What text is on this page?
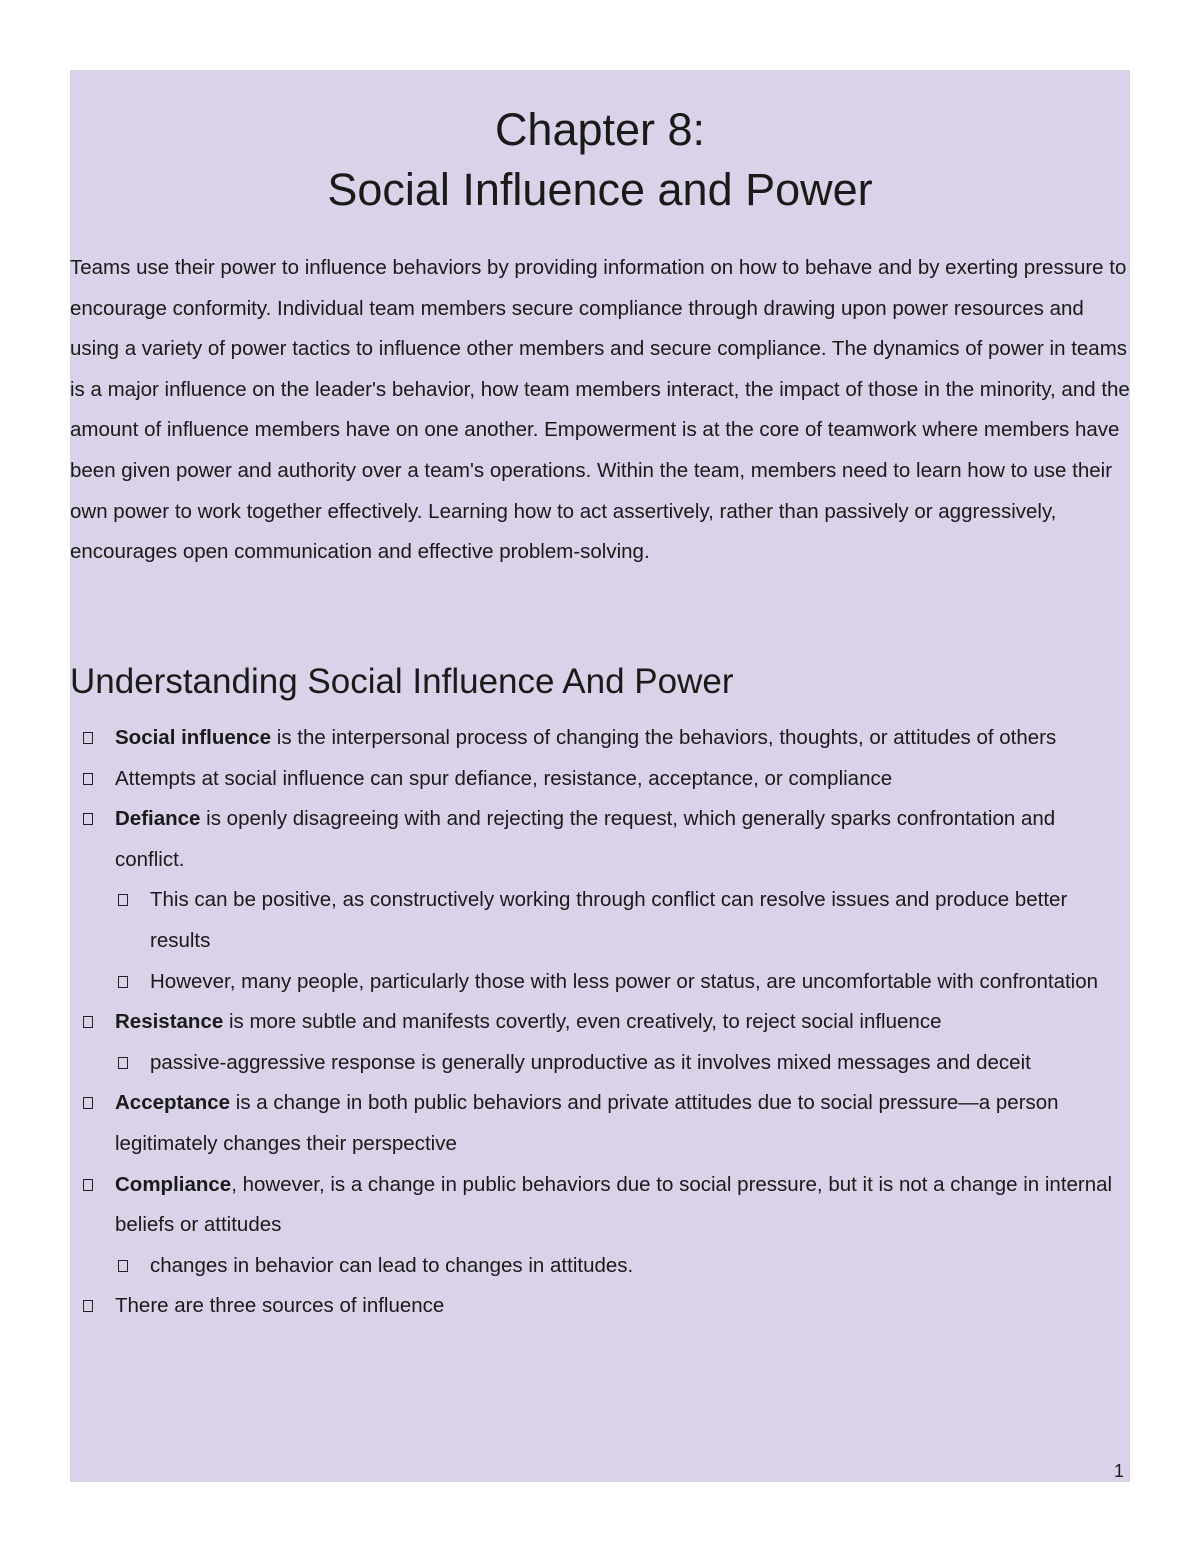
Chapter 8:
Social Influence and Power

Teams use their power to influence behaviors by providing information on how to behave and by exerting pressure to encourage conformity. Individual team members secure compliance through drawing upon power resources and using a variety of power tactics to influence other members and secure compliance. The dynamics of power in teams is a major influence on the leader's behavior, how team members interact, the impact of those in the minority, and the amount of influence members have on one another. Empowerment is at the core of teamwork where members have been given power and authority over a team's operations. Within the team, members need to learn how to use their own power to work together effectively. Learning how to act assertively, rather than passively or aggressively, encourages open communication and effective problem-solving.

Understanding Social Influence And Power
Social influence is the interpersonal process of changing the behaviors, thoughts, or attitudes of others
Attempts at social influence can spur defiance, resistance, acceptance, or compliance
Defiance is openly disagreeing with and rejecting the request, which generally sparks confrontation and conflict.
This can be positive, as constructively working through conflict can resolve issues and produce better results
However, many people, particularly those with less power or status, are uncomfortable with confrontation
Resistance is more subtle and manifests covertly, even creatively, to reject social influence
passive-aggressive response is generally unproductive as it involves mixed messages and deceit
Acceptance is a change in both public behaviors and private attitudes due to social pressure—a person legitimately changes their perspective
Compliance, however, is a change in public behaviors due to social pressure, but it is not a change in internal beliefs or attitudes
changes in behavior can lead to changes in attitudes.
There are three sources of influence
1
